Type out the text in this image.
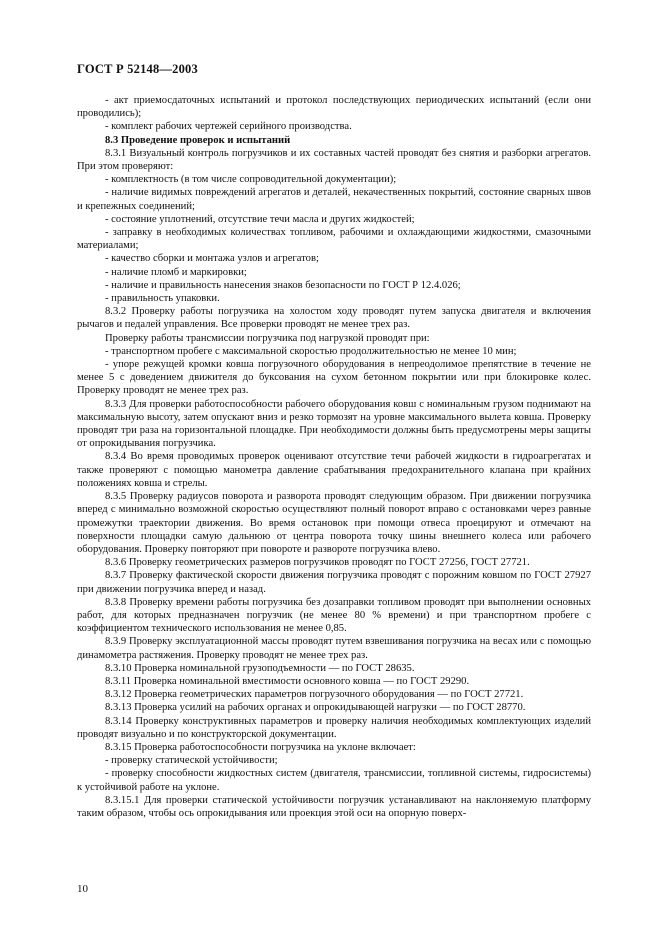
ГОСТ Р 52148—2003

- акт приемосдаточных испытаний и протокол последствующих периодических испытаний (если они проводились);

- комплект рабочих чертежей серийного производства.

8.3 Проведение проверок и испытаний

8.3.1 Визуальный контроль погрузчиков и их составных частей проводят без снятия и разборки агрегатов. При этом проверяют:

- комплектность (в том числе сопроводительной документации);

- наличие видимых повреждений агрегатов и деталей, некачественных покрытий, состояние сварных швов и крепежных соединений;

- состояние уплотнений, отсутствие течи масла и других жидкостей;

- заправку в необходимых количествах топливом, рабочими и охлаждающими жидкостями, смазочными материалами;

- качество сборки и монтажа узлов и агрегатов;

- наличие пломб и маркировки;

- наличие и правильность нанесения знаков безопасности по ГОСТ Р 12.4.026;

- правильность упаковки.

8.3.2 Проверку работы погрузчика на холостом ходу проводят путем запуска двигателя и включения рычагов и педалей управления. Все проверки проводят не менее трех раз.

Проверку работы трансмиссии погрузчика под нагрузкой проводят при:

- транспортном пробеге с максимальной скоростью продолжительностью не менее 10 мин;

- упоре режущей кромки ковша погрузочного оборудования в непреодолимое препятствие в течение не менее 5 с доведением движителя до буксования на сухом бетонном покрытии или при блокировке колес. Проверку проводят не менее трех раз.

8.3.3 Для проверки работоспособности рабочего оборудования ковш с номинальным грузом поднимают на максимальную высоту, затем опускают вниз и резко тормозят на уровне максимального вылета ковша. Проверку проводят три раза на горизонтальной площадке. При необходимости должны быть предусмотрены меры защиты от опрокидывания погрузчика.

8.3.4 Во время проводимых проверок оценивают отсутствие течи рабочей жидкости в гидроагрегатах и также проверяют с помощью манометра давление срабатывания предохранительного клапана при крайних положениях ковша и стрелы.

8.3.5 Проверку радиусов поворота и разворота проводят следующим образом. При движении погрузчика вперед с минимально возможной скоростью осуществляют полный поворот вправо с остановками через равные промежутки траектории движения. Во время остановок при помощи отвеса проецируют и отмечают на поверхности площадки самую дальнюю от центра поворота точку шины внешнего колеса или рабочего оборудования. Проверку повторяют при повороте и развороте погрузчика влево.

8.3.6 Проверку геометрических размеров погрузчиков проводят по ГОСТ 27256, ГОСТ 27721.

8.3.7 Проверку фактической скорости движения погрузчика проводят с порожним ковшом по ГОСТ 27927 при движении погрузчика вперед и назад.

8.3.8 Проверку времени работы погрузчика без дозаправки топливом проводят при выполнении основных работ, для которых предназначен погрузчик (не менее 80 % времени) и при транспортном пробеге с коэффициентом технического использования не менее 0,85.

8.3.9 Проверку эксплуатационной массы проводят путем взвешивания погрузчика на весах или с помощью динамометра растяжения. Проверку проводят не менее трех раз.

8.3.10 Проверка номинальной грузоподъемности — по ГОСТ 28635.

8.3.11 Проверка номинальной вместимости основного ковша — по ГОСТ 29290.

8.3.12 Проверка геометрических параметров погрузочного оборудования — по ГОСТ 27721.

8.3.13 Проверка усилий на рабочих органах и опрокидывающей нагрузки — по ГОСТ 28770.

8.3.14 Проверку конструктивных параметров и проверку наличия необходимых комплектующих изделий проводят визуально и по конструкторской документации.

8.3.15 Проверка работоспособности погрузчика на уклоне включает:

- проверку статической устойчивости;

- проверку способности жидкостных систем (двигателя, трансмиссии, топливной системы, гидросистемы) к устойчивой работе на уклоне.

8.3.15.1 Для проверки статической устойчивости погрузчик устанавливают на наклоняемую платформу таким образом, чтобы ось опрокидывания или проекция этой оси на опорную поверх-

10
